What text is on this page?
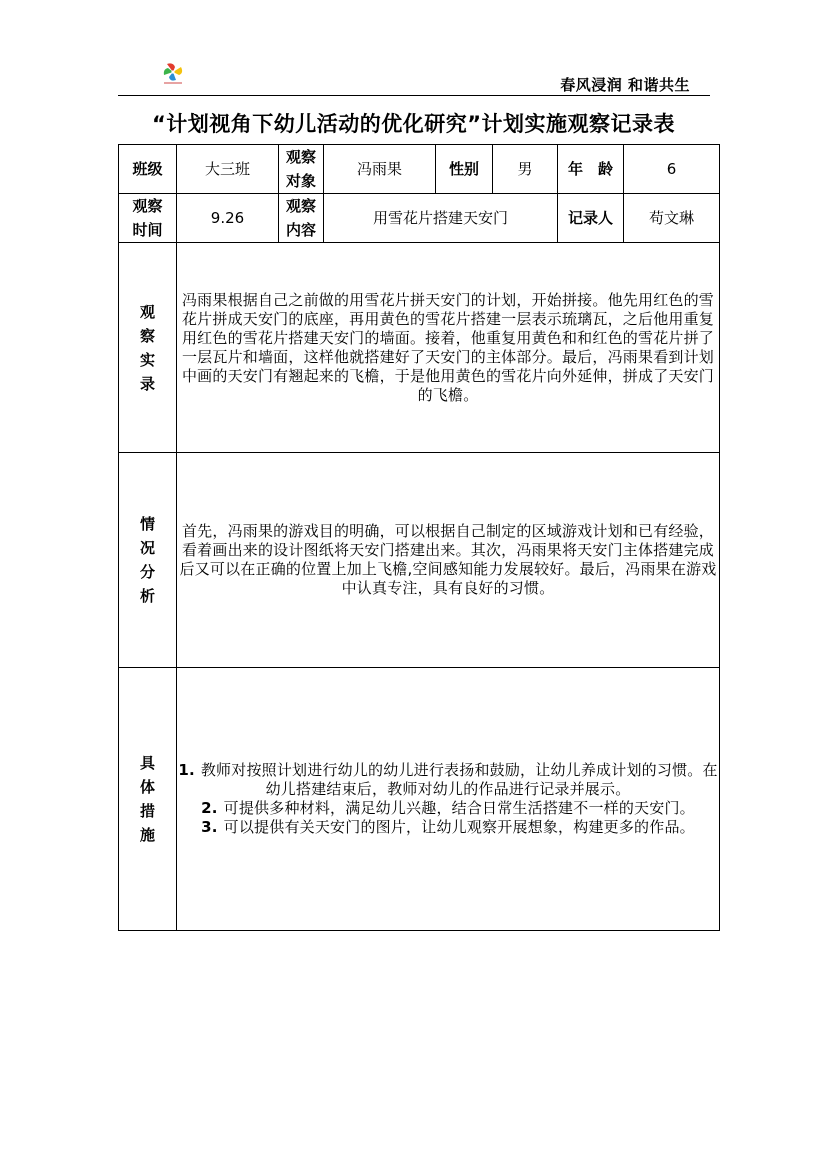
春风浸润 和谐共生
“计划视角下幼儿活动的优化研究”计划实施观察记录表
班级	大三班	观察对象	冯雨果	性别	男	年　龄	6
观察时间	9.26	观察内容	用雪花片搭建天安门			记录人	苟文琳
观察实录	冯雨果根据自己之前做的用雪花片拼天安门的计划，开始拼接。他先用红色的雪花片拼成天安门的底座，再用黄色的雪花片搭建一层表示琉璃瓦，之后他用重复用红色的雪花片搭建天安门的墙面。接着，他重复用黄色和和红色的雪花片拼了一层瓦片和墙面，这样他就搭建好了天安门的主体部分。最后，冯雨果看到计划中画的天安门有翘起来的飞檐，于是他用黄色的雪花片向外延伸，拼成了天安门的飞檐。						

情况分析	首先，冯雨果的游戏目的明确，可以根据自己制定的区域游戏计划和已有经验，看着画出来的设计图纸将天安门搭建出来。其次，冯雨果将天安门主体搭建完成后又可以在正确的位置上加上飞檐,空间感知能力发展较好。最后，冯雨果在游戏中认真专注，具有良好的习惯。						

具体措施	1. 教师对按照计划进行幼儿的幼儿进行表扬和鼓励，让幼儿养成计划的习惯。在幼儿搭建结束后，教师对幼儿的作品进行记录并展示。

2. 可提供多种材料，满足幼儿兴趣，结合日常生活搭建不一样的天安门。

3. 可以提供有关天安门的图片，让幼儿观察开展想象，构建更多的作品。						
